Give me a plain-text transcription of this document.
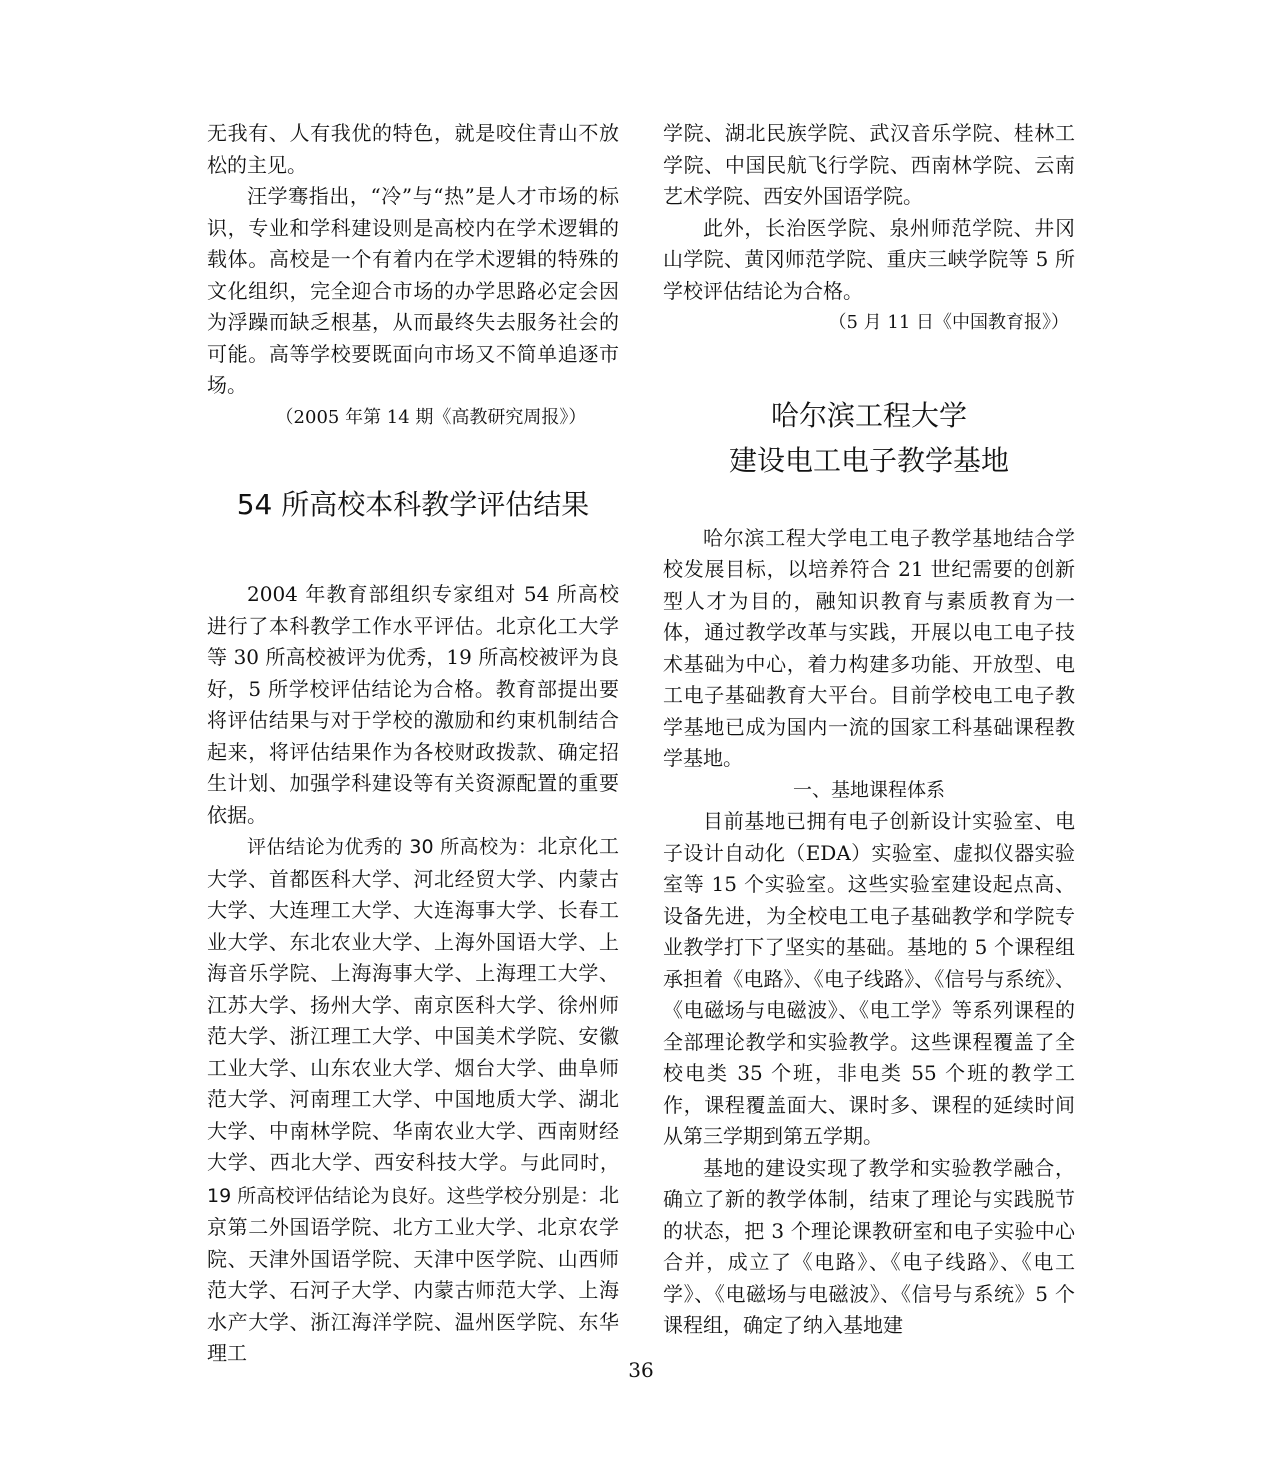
无我有、人有我优的特色，就是咬住青山不放松的主见。

汪学骞指出，“冷”与“热”是人才市场的标识，专业和学科建设则是高校内在学术逻辑的载体。高校是一个有着内在学术逻辑的特殊的文化组织，完全迎合市场的办学思路必定会因为浮躁而缺乏根基，从而最终失去服务社会的可能。高等学校要既面向市场又不简单追逐市场。

（2005 年第 14 期《高教研究周报》）

54 所高校本科教学评估结果

2004 年教育部组织专家组对 54 所高校进行了本科教学工作水平评估。北京化工大学等 30 所高校被评为优秀，19 所高校被评为良好，5 所学校评估结论为合格。教育部提出要将评估结果与对于学校的激励和约束机制结合起来，将评估结果作为各校财政拨款、确定招生计划、加强学科建设等有关资源配置的重要依据。

评估结论为优秀的 30 所高校为：北京化工大学、首都医科大学、河北经贸大学、内蒙古大学、大连理工大学、大连海事大学、长春工业大学、东北农业大学、上海外国语大学、上海音乐学院、上海海事大学、上海理工大学、江苏大学、扬州大学、南京医科大学、徐州师范大学、浙江理工大学、中国美术学院、安徽工业大学、山东农业大学、烟台大学、曲阜师范大学、河南理工大学、中国地质大学、湖北大学、中南林学院、华南农业大学、西南财经大学、西北大学、西安科技大学。与此同时，19 所高校评估结论为良好。这些学校分别是：北京第二外国语学院、北方工业大学、北京农学院、天津外国语学院、天津中医学院、山西师范大学、石河子大学、内蒙古师范大学、上海水产大学、浙江海洋学院、温州医学院、东华理工

学院、湖北民族学院、武汉音乐学院、桂林工学院、中国民航飞行学院、西南林学院、云南艺术学院、西安外国语学院。

此外，长治医学院、泉州师范学院、井冈山学院、黄冈师范学院、重庆三峡学院等 5 所学校评估结论为合格。

（5 月 11 日《中国教育报》）

哈尔滨工程大学
建设电工电子教学基地

哈尔滨工程大学电工电子教学基地结合学校发展目标，以培养符合 21 世纪需要的创新型人才为目的，融知识教育与素质教育为一体，通过教学改革与实践，开展以电工电子技术基础为中心，着力构建多功能、开放型、电工电子基础教育大平台。目前学校电工电子教学基地已成为国内一流的国家工科基础课程教学基地。

一、基地课程体系

目前基地已拥有电子创新设计实验室、电子设计自动化（EDA）实验室、虚拟仪器实验室等 15 个实验室。这些实验室建设起点高、设备先进，为全校电工电子基础教学和学院专业教学打下了坚实的基础。基地的 5 个课程组承担着《电路》、《电子线路》、《信号与系统》、《电磁场与电磁波》、《电工学》等系列课程的全部理论教学和实验教学。这些课程覆盖了全校电类 35 个班，非电类 55 个班的教学工作，课程覆盖面大、课时多、课程的延续时间从第三学期到第五学期。

基地的建设实现了教学和实验教学融合，确立了新的教学体制，结束了理论与实践脱节的状态，把 3 个理论课教研室和电子实验中心合并，成立了《电路》、《电子线路》、《电工学》、《电磁场与电磁波》、《信号与系统》5 个课程组，确定了纳入基地建

36
